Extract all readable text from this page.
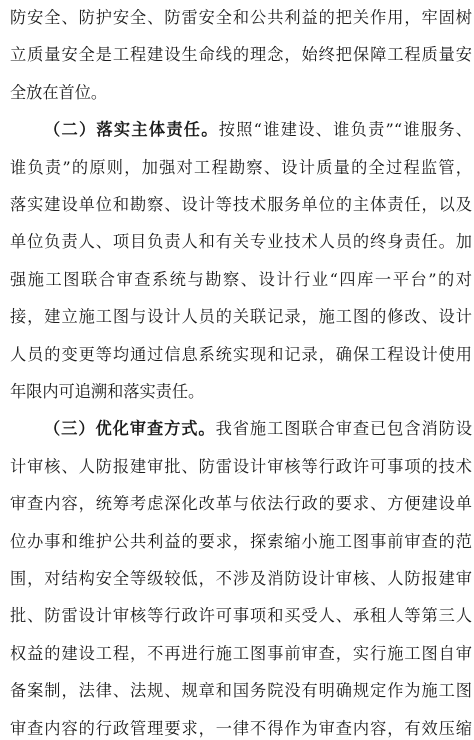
防安全、防护安全、防雷安全和公共利益的把关作用，牢固树
立质量安全是工程建设生命线的理念，始终把保障工程质量安
全放在首位。
（二）落实主体责任。按照“谁建设、谁负责”“谁服务、
谁负责”的原则，加强对工程勘察、设计质量的全过程监管，
落实建设单位和勘察、设计等技术服务单位的主体责任，以及
单位负责人、项目负责人和有关专业技术人员的终身责任。加
强施工图联合审查系统与勘察、设计行业“四库一平台”的对
接，建立施工图与设计人员的关联记录，施工图的修改、设计
人员的变更等均通过信息系统实现和记录，确保工程设计使用
年限内可追溯和落实责任。
（三）优化审查方式。我省施工图联合审查已包含消防设
计审核、人防报建审批、防雷设计审核等行政许可事项的技术
审查内容，统筹考虑深化改革与依法行政的要求、方便建设单
位办事和维护公共利益的要求，探索缩小施工图事前审查的范
围，对结构安全等级较低，不涉及消防设计审核、人防报建审
批、防雷设计审核等行政许可事项和买受人、承租人等第三人
权益的建设工程，不再进行施工图事前审查，实行施工图自审
备案制，法律、法规、规章和国务院没有明确规定作为施工图
审查内容的行政管理要求，一律不得作为审查内容，有效压缩
